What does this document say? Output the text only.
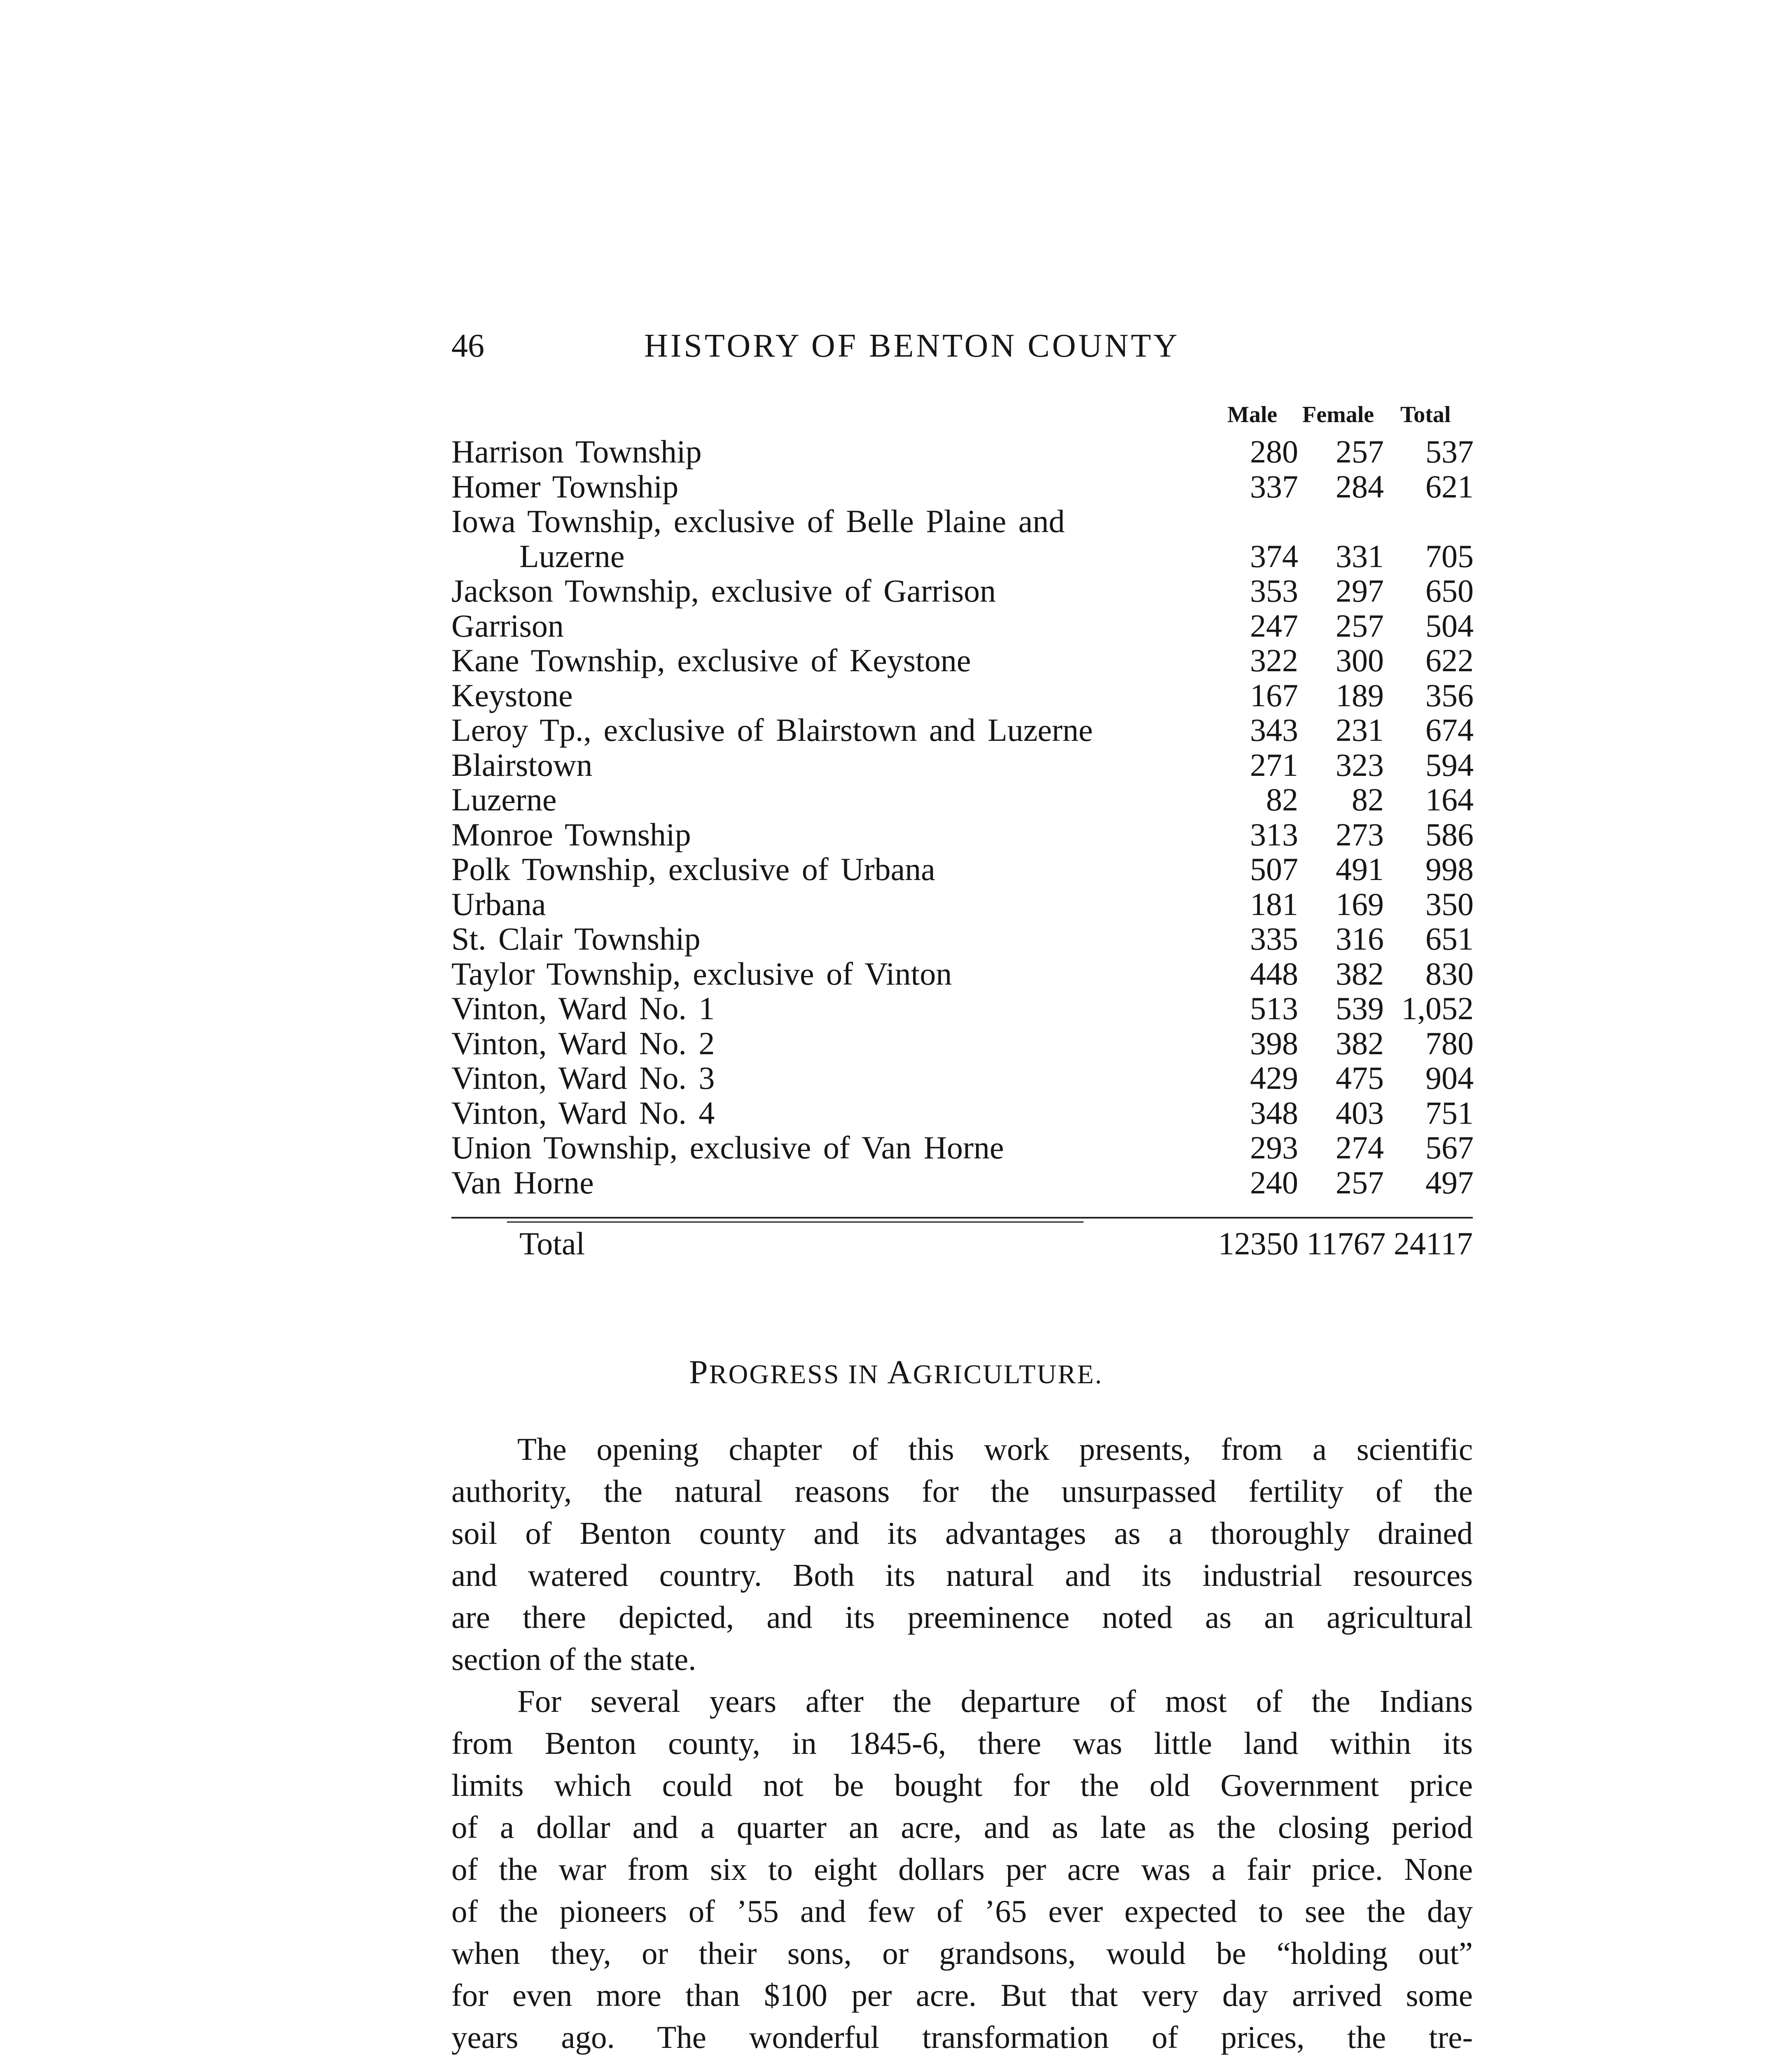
46	HISTORY OF BENTON COUNTY
Male Female Total
Harrison Township	280	257	537
Homer Township	337	284	621
Iowa Township, exclusive of Belle Plaine and
Luzerne	374	331	705
Jackson Township, exclusive of Garrison	353	297	650
Garrison	247	257	504
Kane Township, exclusive of Keystone	322	300	622
Keystone	167	189	356
Leroy Tp., exclusive of Blairstown and Luzerne	343	231	674
Blairstown	271	323	594
Luzerne	82	82	164
Monroe Township	313	273	586
Polk Township, exclusive of Urbana	507	491	998
Urbana	181	169	350
St. Clair Township	335	316	651
Taylor Township, exclusive of Vinton	448	382	830
Vinton, Ward No. 1	513	539 1,052
Vinton, Ward No. 2	398	382	780
Vinton, Ward No. 3	429	475	904
Vinton, Ward No. 4	348	403	751
Union Township, exclusive of Van Horne	293	274	567
Van Horne	240	257	497
Total	12350 11767 24117
PROGRESS IN AGRICULTURE.
The opening chapter of this work presents, from a scientific
authority, the natural reasons for the unsurpassed fertility of the
soil of Benton county and its advantages as a thoroughly drained
and watered country. Both its natural and its industrial resources
are there depicted, and its preeminence noted as an agricultural
section of the state.
For several years after the departure of most of the Indians
from Benton county, in 1845-6, there was little land within its
limits which could not be bought for the old Government price
of a dollar and a quarter an acre, and as late as the closing period
of the war from six to eight dollars per acre was a fair price. None
of the pioneers of ’55 and few of ’65 ever expected to see the day
when they, or their sons, or grandsons, would be “holding out”
for even more than $100 per acre. But that very day arrived some
years ago. The wonderful transformation of prices, the tre-
